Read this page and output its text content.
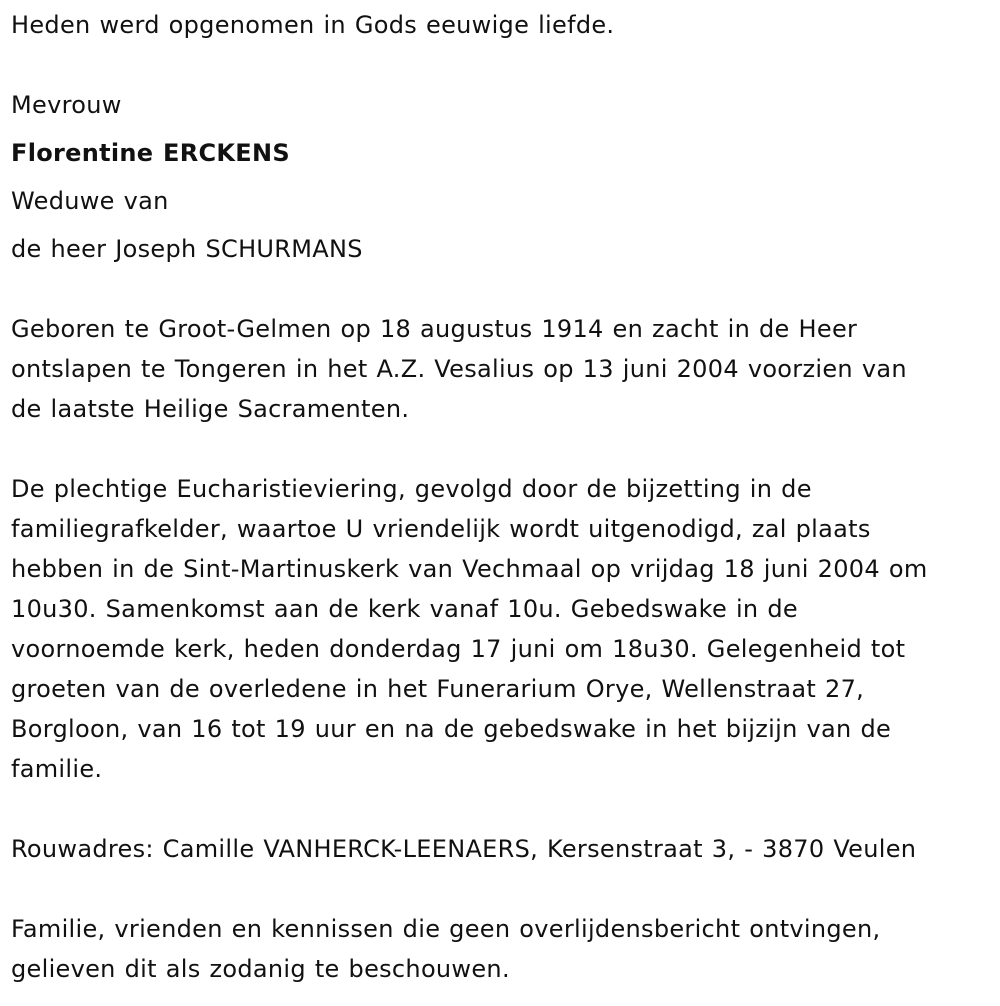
Heden werd opgenomen in Gods eeuwige liefde.
Mevrouw
Florentine ERCKENS
Weduwe van
de heer Joseph SCHURMANS
Geboren te Groot-Gelmen op 18 augustus 1914 en zacht in de Heer
ontslapen te Tongeren in het A.Z. Vesalius op 13 juni 2004 voorzien van
de laatste Heilige Sacramenten.
De plechtige Eucharistieviering, gevolgd door de bijzetting in de
familiegrafkelder, waartoe U vriendelijk wordt uitgenodigd, zal plaats
hebben in de Sint-Martinuskerk van Vechmaal op vrijdag 18 juni 2004 om
10u30. Samenkomst aan de kerk vanaf 10u. Gebedswake in de
voornoemde kerk, heden donderdag 17 juni om 18u30. Gelegenheid tot
groeten van de overledene in het Funerarium Orye, Wellenstraat 27,
Borgloon, van 16 tot 19 uur en na de gebedswake in het bijzijn van de
familie.
Rouwadres: Camille VANHERCK-LEENAERS, Kersenstraat 3, - 3870 Veulen
Familie, vrienden en kennissen die geen overlijdensbericht ontvingen,
gelieven dit als zodanig te beschouwen.
